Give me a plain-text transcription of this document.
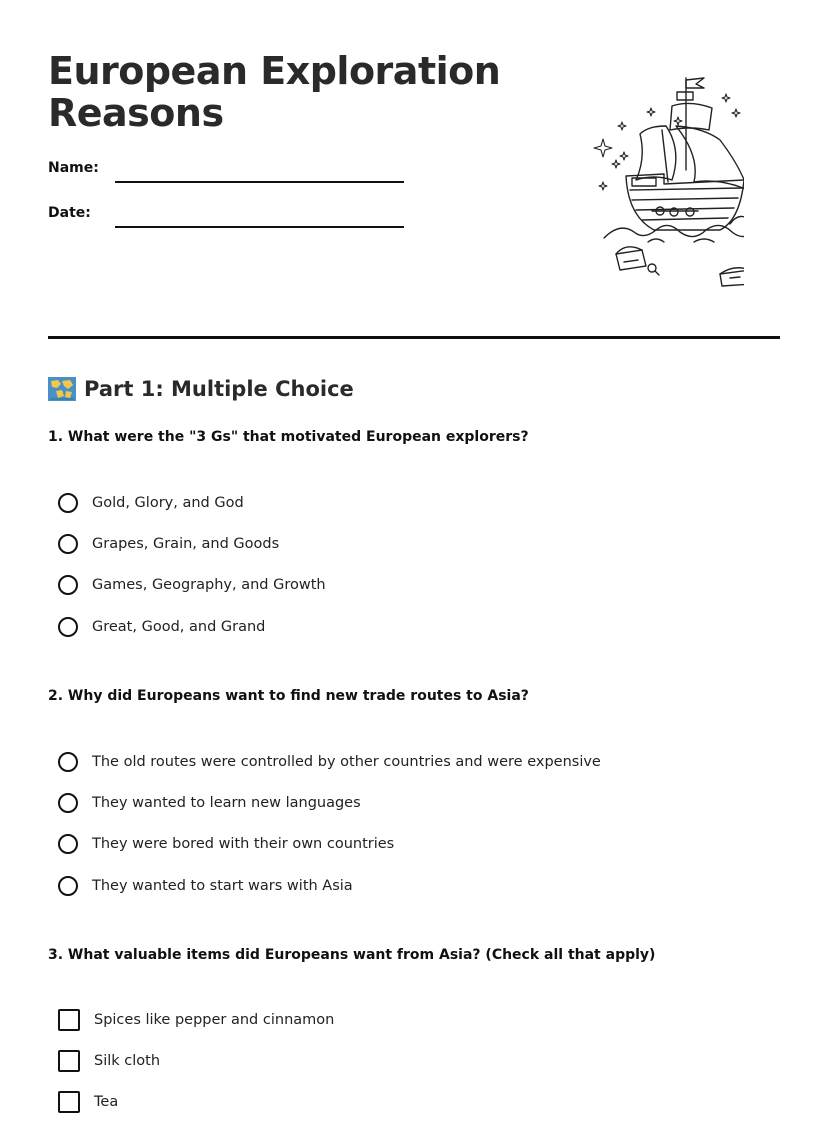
European Exploration
Reasons
Name:
Date:
Part 1: Multiple Choice
1. What were the "3 Gs" that motivated European explorers?
Gold, Glory, and God
Grapes, Grain, and Goods
Games, Geography, and Growth
Great, Good, and Grand
2. Why did Europeans want to find new trade routes to Asia?
The old routes were controlled by other countries and were expensive
They wanted to learn new languages
They were bored with their own countries
They wanted to start wars with Asia
3. What valuable items did Europeans want from Asia? (Check all that apply)
Spices like pepper and cinnamon
Silk cloth
Tea
